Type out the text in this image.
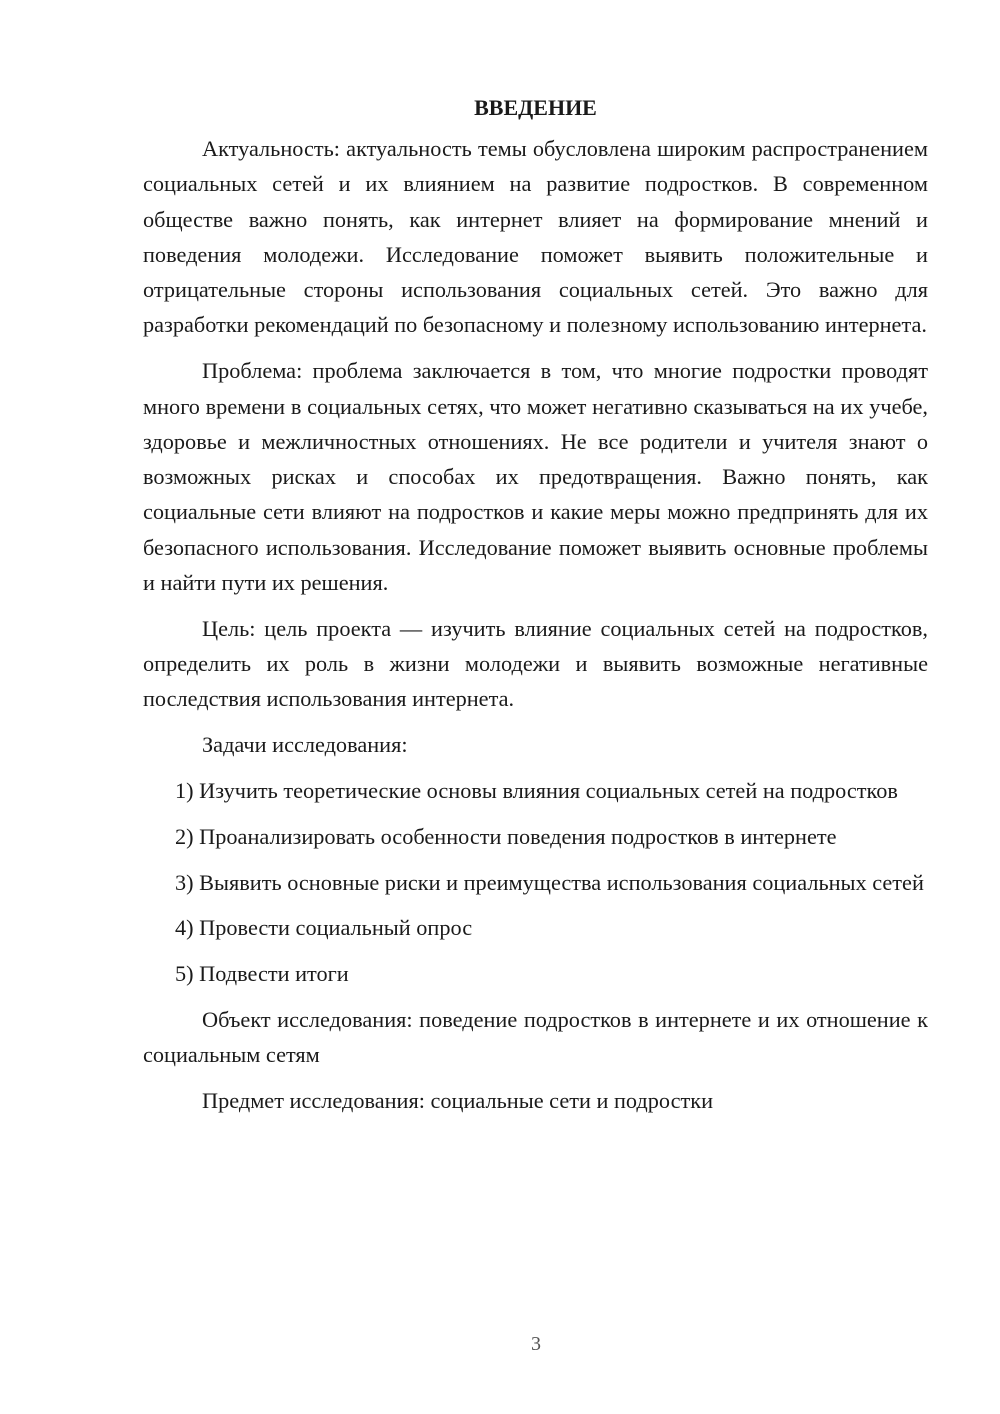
ВВЕДЕНИЕ

Актуальность: актуальность темы обусловлена широким распространением социальных сетей и их влиянием на развитие подростков. В современном обществе важно понять, как интернет влияет на формирование мнений и поведения молодежи. Исследование поможет выявить положительные и отрицательные стороны использования социальных сетей. Это важно для разработки рекомендаций по безопасному и полезному использованию интернета.

Проблема: проблема заключается в том, что многие подростки проводят много времени в социальных сетях, что может негативно сказываться на их учебе, здоровье и межличностных отношениях. Не все родители и учителя знают о возможных рисках и способах их предотвращения. Важно понять, как социальные сети влияют на подростков и какие меры можно предпринять для их безопасного использования. Исследование поможет выявить основные проблемы и найти пути их решения.

Цель: цель проекта — изучить влияние социальных сетей на подростков, определить их роль в жизни молодежи и выявить возможные негативные последствия использования интернета.

Задачи исследования:

1) Изучить теоретические основы влияния социальных сетей на подростков

2) Проанализировать особенности поведения подростков в интернете

3) Выявить основные риски и преимущества использования социальных сетей

4) Провести социальный опрос

5) Подвести итоги

Объект исследования: поведение подростков в интернете и их отношение к социальным сетям

Предмет исследования: социальные сети и подростки

3
